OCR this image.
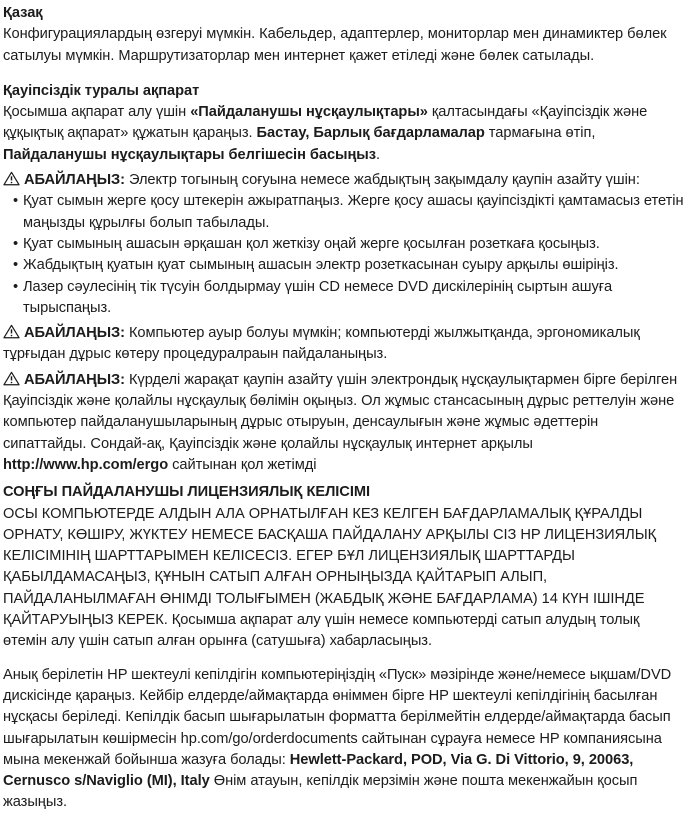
Қазақ

Конфигурациялардың өзгеруі мүмкін. Кабельдер, адаптерлер, мониторлар мен динамиктер бөлек сатылуы мүмкін. Маршрутизаторлар мен интернет қажет етіледі және бөлек сатылады.

Қауіпсіздік туралы ақпарат

Қосымша ақпарат алу үшін «Пайдаланушы нұсқаулықтары» қалтасындағы «Қауіпсіздік және құқықтық ақпарат» құжатын қараңыз. Бастау, Барлық бағдарламалар тармағына өтіп, Пайдаланушы нұсқаулықтары белгішесін басыңыз.

АБАЙЛАҢЫЗ: Электр тогының соғуына немесе жабдықтың зақымдалу қаупін азайту үшін:

• Қуат сымын жерге қосу штекерін ажыратпаңыз. Жерге қосу ашасы қауіпсіздікті қамтамасыз ететін маңызды құрылғы болып табылады.
• Қуат сымының ашасын әрқашан қол жеткізу оңай жерге қосылған розеткаға қосыңыз.
• Жабдықтың қуатын қуат сымының ашасын электр розеткасынан суыру арқылы өшіріңіз.
• Лазер сәулесінің тік түсуін болдырмау үшін CD немесе DVD дискілерінің сыртын ашуға тырыспаңыз.

АБАЙЛАҢЫЗ: Компьютер ауыр болуы мүмкін; компьютерді жылжытқанда, эргономикалық тұрғыдан дұрыс көтеру процедуралраын пайдаланыңыз.

АБАЙЛАҢЫЗ: Күрделі жарақат қаупін азайту үшін электрондық нұсқаулықтармен бірге берілген Қауіпсіздік және қолайлы нұсқаулық бөлімін оқыңыз. Ол жұмыс стансасының дұрыс реттелуін және компьютер пайдаланушыларының дұрыс отыруын, денсаулығын және жұмыс әдеттерін сипаттайды. Сондай-ақ, Қауіпсіздік және қолайлы нұсқаулық интернет арқылы http://www.hp.com/ergo сайтынан қол жетімді

СОҢҒЫ ПАЙДАЛАНУШЫ ЛИЦЕНЗИЯЛЫҚ КЕЛІСІМІ

ОСЫ КОМПЬЮТЕРДЕ АЛДЫН АЛА ОРНАТЫЛҒАН КЕЗ КЕЛГЕН БАҒДАРЛАМАЛЫҚ ҚҰРАЛДЫ ОРНАТУ, КӨШІРУ, ЖҮКТЕУ НЕМЕСЕ БАСҚАША ПАЙДАЛАНУ АРҚЫЛЫ СІЗ HP ЛИЦЕНЗИЯЛЫҚ КЕЛІСІМІНІҢ ШАРТТАРЫМЕН КЕЛІСЕСІЗ. ЕГЕР БҰЛ ЛИЦЕНЗИЯЛЫҚ ШАРТТАРДЫ ҚАБЫЛДАМАСАҢЫЗ, ҚҰНЫН САТЫП АЛҒАН ОРНЫҢЫЗДА ҚАЙТАРЫП АЛЫП, ПАЙДАЛАНЫЛМАҒАН ӨНІМДІ ТОЛЫҒЫМЕН (ЖАБДЫҚ ЖӘНЕ БАҒДАРЛАМА) 14 КҮН ІШІНДЕ ҚАЙТАРУЫҢЫЗ КЕРЕК. Қосымша ақпарат алу үшін немесе компьютерді сатып алудың толық өтемін алу үшін сатып алған орынға (сатушыға) хабарласыңыз.

Анық берілетін HP шектеулі кепілдігін компьютеріңіздің «Пуск» мәзірінде және/немесе ықшам/DVD дискісінде қараңыз. Кейбір елдерде/аймақтарда өніммен бірге HP шектеулі кепілдігінің басылған нұсқасы беріледі. Кепілдік басып шығарылатын форматта берілмейтін елдерде/аймақтарда басып шығарылатын көшірмесін hp.com/go/orderdocuments сайтынан сұрауға немесе HP компаниясына мына мекенжай бойынша жазуға болады: Hewlett-Packard, POD, Via G. Di Vittorio, 9, 20063, Cernusco s/Naviglio (MI), Italy Өнім атауын, кепілдік мерзімін және пошта мекенжайын қосып жазыңыз.
